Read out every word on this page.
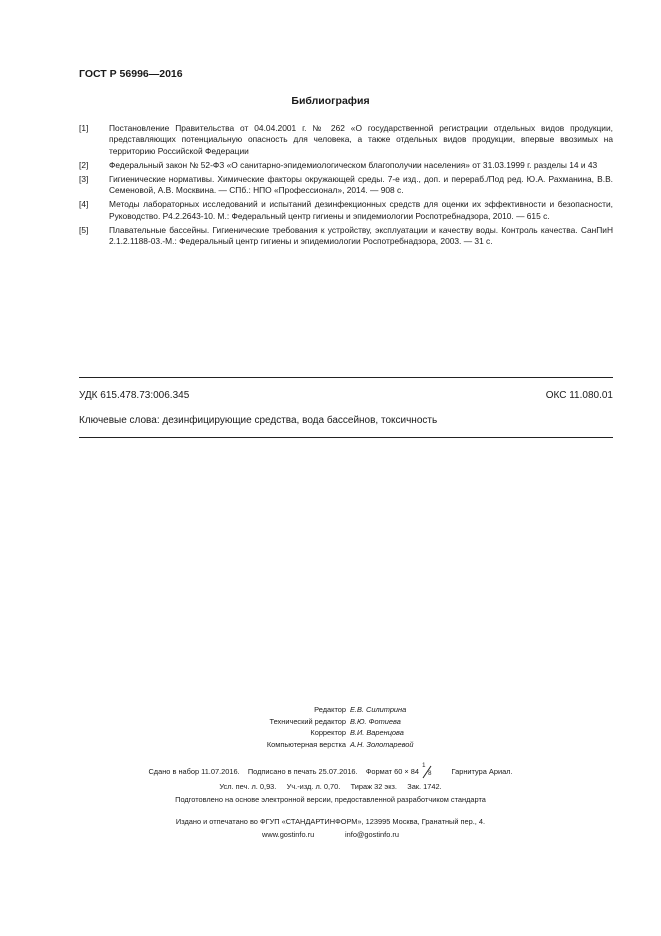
ГОСТ Р 56996—2016
Библиография
[1]	Постановление Правительства от 04.04.2001 г. № 262 «О государственной регистрации отдельных видов продукции, представляющих потенциальную опасность для человека, а также отдельных видов продукции, впервые ввозимых на территорию Российской Федерации
[2]	Федеральный закон № 52-ФЗ «О санитарно-эпидемиологическом благополучии населения» от 31.03.1999 г. разделы 14 и 43
[3]	Гигиенические нормативы. Химические факторы окружающей среды. 7-е изд., доп. и перераб./Под ред. Ю.А. Рахманина, В.В. Семеновой, А.В. Москвина. — СПб.: НПО «Профессионал», 2014. — 908 с.
[4]	Методы лабораторных исследований и испытаний дезинфекционных средств для оценки их эффективности и безопасности, Руководство. Р4.2.2643-10. М.: Федеральный центр гигиены и эпидемиологии Роспотребнадзора, 2010. — 615 с.
[5]	Плавательные бассейны. Гигиенические требования к устройству, эксплуатации и качеству воды. Контроль качества. СанПиН 2.1.2.1188-03.-М.: Федеральный центр гигиены и эпидемиологии Роспотребнадзора, 2003. — 31 с.
УДК 615.478.73:006.345	ОКС 11.080.01
Ключевые слова: дезинфицирующие средства, вода бассейнов, токсичность
Редактор Е.В. Силитрина
Технический редактор В.Ю. Фотиева
Корректор В.И. Варенцова
Компьютерная верстка А.Н. Золотаревой
Сдано в набор 11.07.2016. Подписано в печать 25.07.2016. Формат 60 × 84
1
8	Гарнитура Ариал.
Усл. печ. л. 0,93. Уч.-изд. л. 0,70. Тираж 32 экз. Зак. 1742.
Подготовлено на основе электронной версии, предоставленной разработчиком стандарта
Издано и отпечатано во ФГУП «СТАНДАРТИНФОРМ», 123995 Москва, Гранатный пер., 4.
www.gostinfo.ru	info@gostinfo.ru
